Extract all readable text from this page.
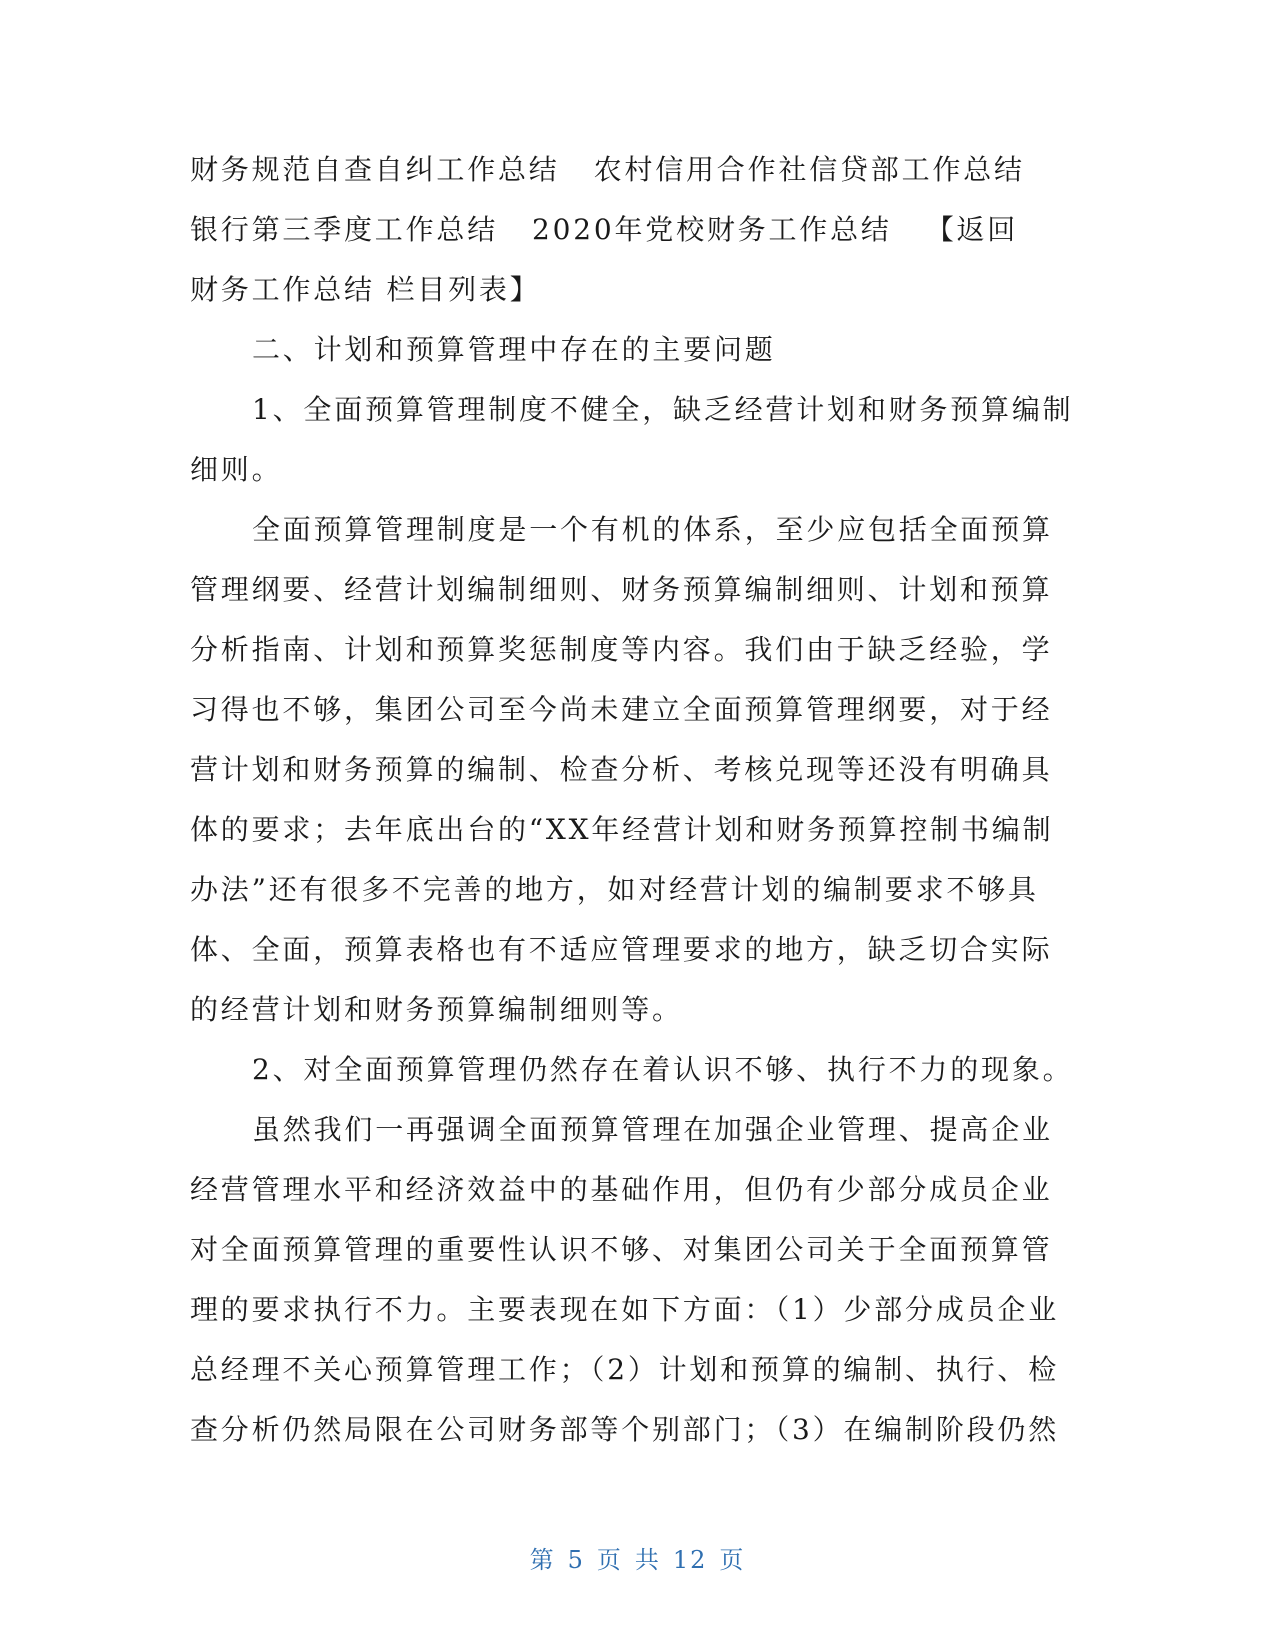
财务规范自查自纠工作总结 农村信用合作社信贷部工作总结
银行第三季度工作总结 2020年党校财务工作总结 【返回
财务工作总结 栏目列表】
二、计划和预算管理中存在的主要问题
1、全面预算管理制度不健全，缺乏经营计划和财务预算编制
细则。
全面预算管理制度是一个有机的体系，至少应包括全面预算
管理纲要、经营计划编制细则、财务预算编制细则、计划和预算
分析指南、计划和预算奖惩制度等内容。我们由于缺乏经验，学
习得也不够，集团公司至今尚未建立全面预算管理纲要，对于经
营计划和财务预算的编制、检查分析、考核兑现等还没有明确具
体的要求；去年底出台的“XX年经营计划和财务预算控制书编制
办法”还有很多不完善的地方，如对经营计划的编制要求不够具
体、全面，预算表格也有不适应管理要求的地方，缺乏切合实际
的经营计划和财务预算编制细则等。
2、对全面预算管理仍然存在着认识不够、执行不力的现象。
虽然我们一再强调全面预算管理在加强企业管理、提高企业
经营管理水平和经济效益中的基础作用，但仍有少部分成员企业
对全面预算管理的重要性认识不够、对集团公司关于全面预算管
理的要求执行不力。主要表现在如下方面：（1）少部分成员企业
总经理不关心预算管理工作；（2）计划和预算的编制、执行、检
查分析仍然局限在公司财务部等个别部门；（3）在编制阶段仍然
第 5 页 共 12 页
